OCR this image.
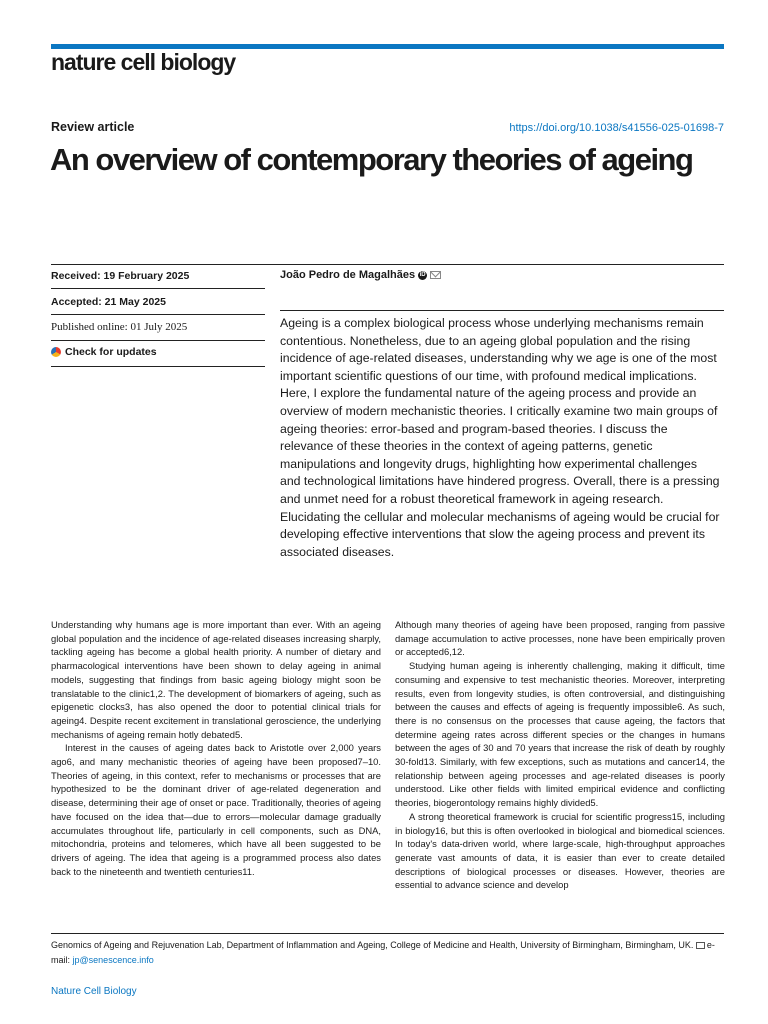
nature cell biology
Review article	https://doi.org/10.1038/s41556-025-01698-7
An overview of contemporary theories of ageing
Received: 19 February 2025
Accepted: 21 May 2025
Published online: 01 July 2025
Check for updates
João Pedro de Magalhães iD

Ageing is a complex biological process whose underlying mechanisms remain contentious. Nonetheless, due to an ageing global population and the rising incidence of age-related diseases, understanding why we age is one of the most important scientific questions of our time, with profound medical implications. Here, I explore the fundamental nature of the ageing process and provide an overview of modern mechanistic theories. I critically examine two main groups of ageing theories: error-based and program-based theories. I discuss the relevance of these theories in the context of ageing patterns, genetic manipulations and longevity drugs, highlighting how experimental challenges and technological limitations have hindered progress. Overall, there is a pressing and unmet need for a robust theoretical framework in ageing research. Elucidating the cellular and molecular mechanisms of ageing would be crucial for developing effective interventions that slow the ageing process and prevent its associated diseases.

Understanding why humans age is more important than ever. With an ageing global population and the incidence of age-related diseases increasing sharply, tackling ageing has become a global health priority. A number of dietary and pharmacological interventions have been shown to delay ageing in animal models, suggesting that findings from basic ageing biology might soon be translatable to the clinic1,2. The development of biomarkers of ageing, such as epigenetic clocks3, has also opened the door to potential clinical trials for ageing4. Despite recent excitement in translational geroscience, the underlying mechanisms of ageing remain hotly debated5.

Interest in the causes of ageing dates back to Aristotle over 2,000 years ago6, and many mechanistic theories of ageing have been proposed7–10. Theories of ageing, in this context, refer to mechanisms or processes that are hypothesized to be the dominant driver of age-related degeneration and disease, determining their age of onset or pace. Traditionally, theories of ageing have focused on the idea that—due to errors—molecular damage gradually accumulates throughout life, particularly in cell components, such as DNA, mitochondria, proteins and telomeres, which have all been suggested to be drivers of ageing. The idea that ageing is a programmed process also dates back to the nineteenth and twentieth centuries11.

Although many theories of ageing have been proposed, ranging from passive damage accumulation to active processes, none have been empirically proven or accepted6,12.

Studying human ageing is inherently challenging, making it difficult, time consuming and expensive to test mechanistic theories. Moreover, interpreting results, even from longevity studies, is often controversial, and distinguishing between the causes and effects of ageing is frequently impossible6. As such, there is no consensus on the processes that cause ageing, the factors that determine ageing rates across different species or the changes in humans between the ages of 30 and 70 years that increase the risk of death by roughly 30-fold13. Similarly, with few exceptions, such as mutations and cancer14, the relationship between ageing processes and age-related diseases is poorly understood. Like other fields with limited empirical evidence and conflicting theories, biogerontology remains highly divided5.

A strong theoretical framework is crucial for scientific progress15, including in biology16, but this is often overlooked in biological and biomedical sciences. In today's data-driven world, where large-scale, high-throughput approaches generate vast amounts of data, it is easier than ever to create detailed descriptions of biological processes or diseases. However, theories are essential to advance science and develop

Genomics of Ageing and Rejuvenation Lab, Department of Inflammation and Ageing, College of Medicine and Health, University of Birmingham, Birmingham, UK. e-mail: jp@senescence.info
Nature Cell Biology
